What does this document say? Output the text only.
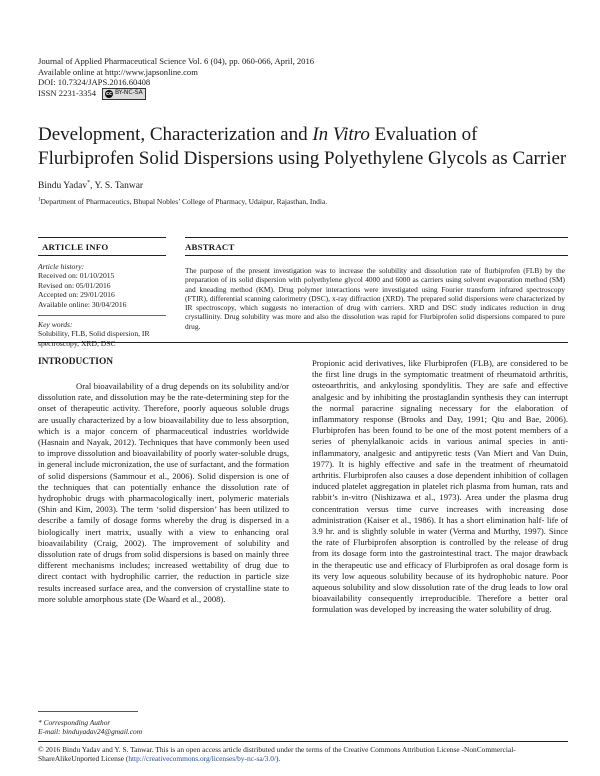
Journal of Applied Pharmaceutical Science Vol. 6 (04), pp. 060-066, April, 2016
Available online at http://www.japsonline.com
DOI: 10.7324/JAPS.2016.60408
ISSN 2231-3354 cc BY-NC-SA
Development, Characterization and In Vitro Evaluation of Flurbiprofen Solid Dispersions using Polyethylene Glycols as Carrier
Bindu Yadav*, Y. S. Tanwar
$^1$Department of Pharmaceutics, Bhupal Nobles’ College of Pharmacy, Udaipur, Rajasthan, India.
ARTICLE INFO	ABSTRACT
Article history:
Received on: 01/10/2015
Revised on: 05/01/2016
Accepted on: 29/01/2016
Available online: 30/04/2016
Key words:
Solubility, FLB, Solid dispersion, IR spectroscopy, XRD, DSC
The purpose of the present investigation was to increase the solubility and dissolution rate of flurbiprofen (FLB) by the preparation of its solid dispersion with polyethylene glycol 4000 and 6000 as carriers using solvent evaporation method (SM) and kneading method (KM). Drug polymer interactions were investigated using Fourier transform infrared spectroscopy (FTIR), differential scanning calorimetry (DSC), x-ray diffraction (XRD). The prepared solid dispersions were characterized by IR spectroscopy, which suggests no interaction of drug with carriers. XRD and DSC study indicates reduction in drug crystallinity. Drug solubility was more and also the dissolution was rapid for Flurbiprofen solid dispersions compared to pure drug.
INTRODUCTION

Oral bioavailability of a drug depends on its solubility and/or dissolution rate, and dissolution may be the rate-determining step for the onset of therapeutic activity. Therefore, poorly aqueous soluble drugs are usually characterized by a low bioavailability due to less absorption, which is a major concern of pharmaceutical industries worldwide (Hasnain and Nayak, 2012). Techniques that have commonly been used to improve dissolution and bioavailability of poorly water-soluble drugs, in general include micronization, the use of surfactant, and the formation of solid dispersions (Sammour et al., 2006). Solid dispersion is one of the techniques that can potentially enhance the dissolution rate of hydrophobic drugs with pharmacologically inert, polymeric materials (Shin and Kim, 2003). The term ‘solid dispersion’ has been utilized to describe a family of dosage forms whereby the drug is dispersed in a biologically inert matrix, usually with a view to enhancing oral bioavailability (Craig, 2002). The improvement of solubility and dissolution rate of drugs from solid dispersions is based on mainly three different mechanisms includes; increased wettability of drug due to direct contact with hydrophilic carrier, the reduction in particle size results increased surface area, and the conversion of crystalline state to more soluble amorphous state (De Waard et al., 2008).

Propionic acid derivatives, like Flurbiprofen (FLB), are considered to be the first line drugs in the symptomatic treatment of rheumatoid arthritis, osteoarthritis, and ankylosing spondylitis. They are safe and effective analgesic and by inhibiting the prostaglandin synthesis they can interrupt the normal paracrine signaling necessary for the elaboration of inflammatory response (Brooks and Day, 1991; Qiu and Bae, 2006). Flurbiprofen has been found to be one of the most potent members of a series of phenylalkanoic acids in various animal species in anti-inflammatory, analgesic and antipyretic tests (Van Miert and Van Duin, 1977). It is highly effective and safe in the treatment of rheumatoid arthritis. Flurbiprofen also causes a dose dependent inhibition of collagen induced platelet aggregation in platelet rich plasma from human, rats and rabbit’s in-vitro (Nishizawa et al., 1973). Area under the plasma drug concentration versus time curve increases with increasing dose administration (Kaiser et al., 1986). It has a short elimination half- life of 3.9 hr. and is slightly soluble in water (Verma and Murthy, 1997). Since the rate of Flurbiprofen absorption is controlled by the release of drug from its dosage form into the gastrointestinal tract. The major drawback in the therapeutic use and efficacy of Flurbiprofen as oral dosage form is its very low aqueous solubility because of its hydrophobic nature. Poor aqueous solubility and slow dissolution rate of the drug leads to low oral bioavailability consequently irreproducible. Therefore a better oral formulation was developed by increasing the water solubility of drug.

* Corresponding Author
E-mail: binduyadav24@gmail.com
© 2016 Bindu Yadav and Y. S. Tanwar. This is an open access article distributed under the terms of the Creative Commons Attribution License -NonCommercial-ShareAlikeUnported License (http://creativecommons.org/licenses/by-nc-sa/3.0/).
